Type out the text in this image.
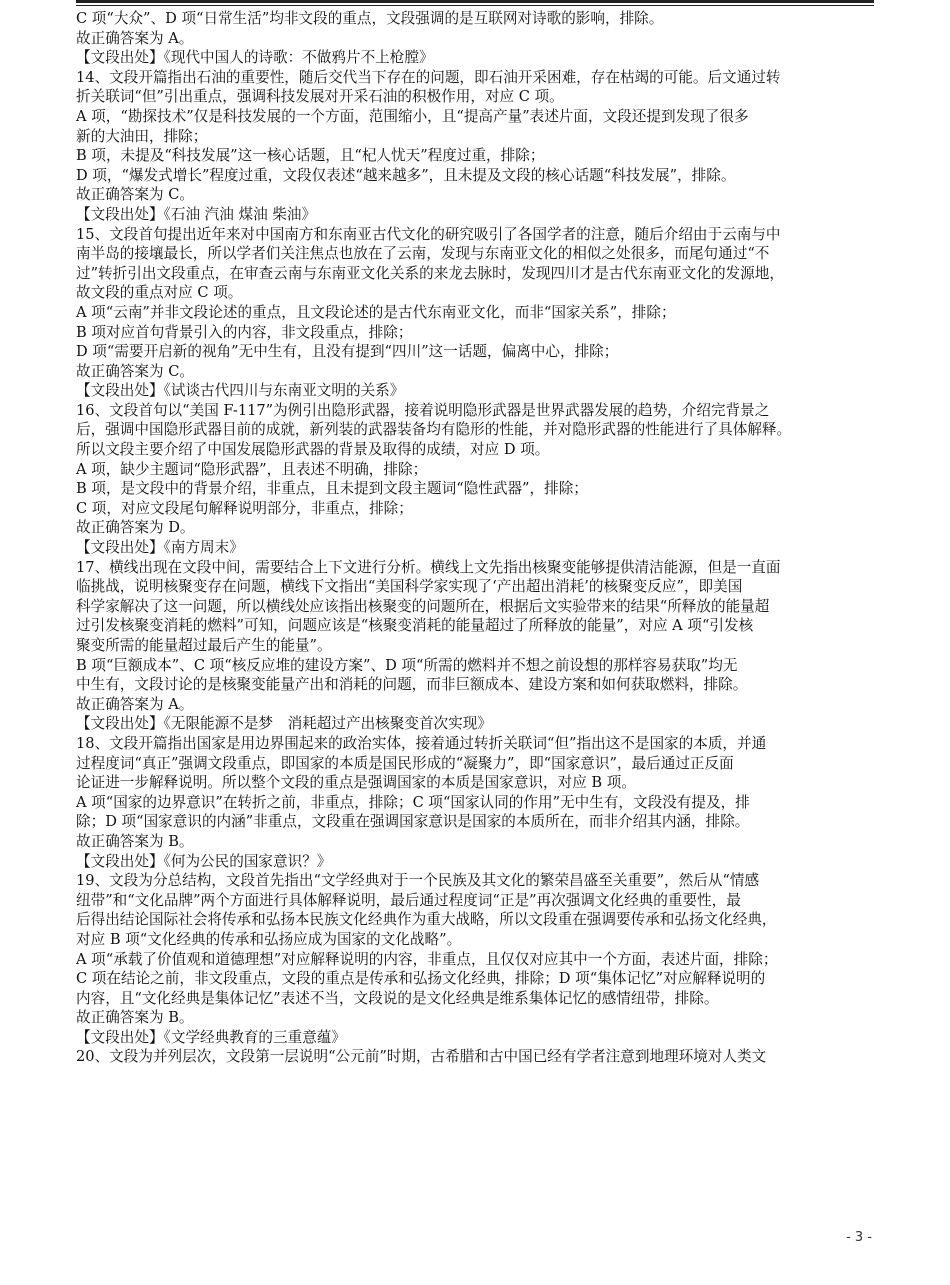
C 项“大众”、D 项“日常生活”均非文段的重点，文段强调的是互联网对诗歌的影响，排除。
故正确答案为 A。
【文段出处】《现代中国人的诗歌：不做鸦片不上枪膛》
14、文段开篇指出石油的重要性，随后交代当下存在的问题，即石油开采困难，存在枯竭的可能。后文通过转
折关联词“但”引出重点，强调科技发展对开采石油的积极作用，对应 C 项。
A 项，“勘探技术”仅是科技发展的一个方面，范围缩小，且“提高产量”表述片面，文段还提到发现了很多
新的大油田，排除；
B 项，未提及“科技发展”这一核心话题，且“杞人忧天”程度过重，排除；
D 项，“爆发式增长”程度过重，文段仅表述“越来越多”，且未提及文段的核心话题“科技发展”，排除。
故正确答案为 C。
【文段出处】《石油 汽油 煤油 柴油》
15、文段首句提出近年来对中国南方和东南亚古代文化的研究吸引了各国学者的注意，随后介绍由于云南与中
南半岛的接壤最长，所以学者们关注焦点也放在了云南，发现与东南亚文化的相似之处很多，而尾句通过“不
过”转折引出文段重点，在审查云南与东南亚文化关系的来龙去脉时，发现四川才是古代东南亚文化的发源地，
故文段的重点对应 C 项。
A 项“云南”并非文段论述的重点，且文段论述的是古代东南亚文化，而非“国家关系”，排除；
B 项对应首句背景引入的内容，非文段重点，排除；
D 项“需要开启新的视角”无中生有，且没有提到“四川”这一话题，偏离中心，排除；
故正确答案为 C。
【文段出处】《试谈古代四川与东南亚文明的关系》
16、文段首句以“美国 F-117”为例引出隐形武器，接着说明隐形武器是世界武器发展的趋势，介绍完背景之
后，强调中国隐形武器目前的成就，新列装的武器装备均有隐形的性能，并对隐形武器的性能进行了具体解释。
所以文段主要介绍了中国发展隐形武器的背景及取得的成绩，对应 D 项。
A 项，缺少主题词“隐形武器”，且表述不明确，排除；
B 项，是文段中的背景介绍，非重点，且未提到文段主题词“隐性武器”，排除；
C 项，对应文段尾句解释说明部分，非重点，排除；
故正确答案为 D。
【文段出处】《南方周末》
17、横线出现在文段中间，需要结合上下文进行分析。横线上文先指出核聚变能够提供清洁能源，但是一直面
临挑战，说明核聚变存在问题，横线下文指出“美国科学家实现了‘产出超出消耗’的核聚变反应”，即美国
科学家解决了这一问题，所以横线处应该指出核聚变的问题所在，根据后文实验带来的结果“所释放的能量超
过引发核聚变消耗的燃料”可知，问题应该是“核聚变消耗的能量超过了所释放的能量”，对应 A 项“引发核
聚变所需的能量超过最后产生的能量”。
B 项“巨额成本”、C 项“核反应堆的建设方案”、D 项“所需的燃料并不想之前设想的那样容易获取”均无
中生有，文段讨论的是核聚变能量产出和消耗的问题，而非巨额成本、建设方案和如何获取燃料，排除。
故正确答案为 A。
【文段出处】《无限能源不是梦　消耗超过产出核聚变首次实现》
18、文段开篇指出国家是用边界围起来的政治实体，接着通过转折关联词“但”指出这不是国家的本质，并通
过程度词“真正”强调文段重点，即国家的本质是国民形成的“凝聚力”，即“国家意识”，最后通过正反面
论证进一步解释说明。所以整个文段的重点是强调国家的本质是国家意识，对应 B 项。
A 项“国家的边界意识”在转折之前，非重点，排除；C 项“国家认同的作用”无中生有，文段没有提及，排
除；D 项“国家意识的内涵”非重点，文段重在强调国家意识是国家的本质所在，而非介绍其内涵，排除。
故正确答案为 B。
【文段出处】《何为公民的国家意识？》
19、文段为分总结构，文段首先指出“文学经典对于一个民族及其文化的繁荣昌盛至关重要”，然后从“情感
纽带”和“文化品牌”两个方面进行具体解释说明，最后通过程度词“正是”再次强调文化经典的重要性，最
后得出结论国际社会将传承和弘扬本民族文化经典作为重大战略，所以文段重在强调要传承和弘扬文化经典，
对应 B 项“文化经典的传承和弘扬应成为国家的文化战略”。
A 项“承载了价值观和道德理想”对应解释说明的内容，非重点，且仅仅对应其中一个方面，表述片面，排除；
C 项在结论之前，非文段重点，文段的重点是传承和弘扬文化经典，排除；D 项“集体记忆”对应解释说明的
内容，且“文化经典是集体记忆”表述不当，文段说的是文化经典是维系集体记忆的感情纽带，排除。
故正确答案为 B。
【文段出处】《文学经典教育的三重意蕴》
20、文段为并列层次，文段第一层说明“公元前”时期，古希腊和古中国已经有学者注意到地理环境对人类文
- 3 -
